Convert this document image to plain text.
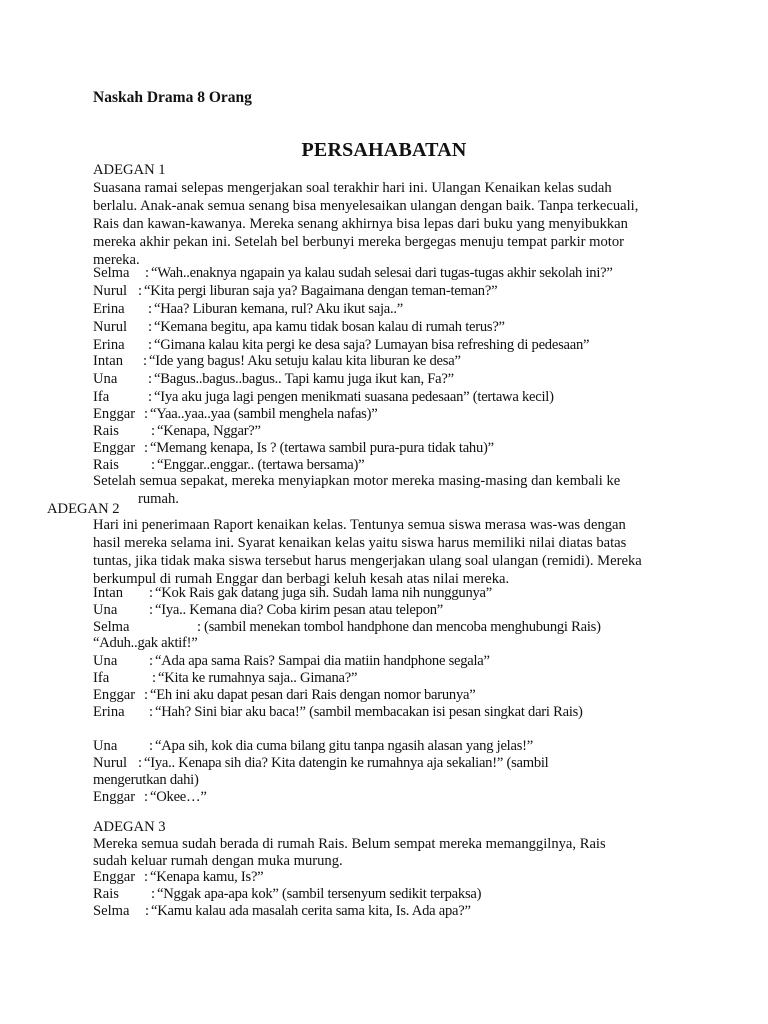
Naskah Drama 8 Orang
PERSAHABATAN
ADEGAN 1
Suasana ramai selepas mengerjakan soal terakhir hari ini. Ulangan Kenaikan kelas sudah
berlalu. Anak-anak semua senang bisa menyelesaikan ulangan dengan baik. Tanpa terkecuali,
Rais dan kawan-kawanya. Mereka senang akhirnya bisa lepas dari buku yang menyibukkan
mereka akhir pekan ini. Setelah bel berbunyi mereka bergegas menuju tempat parkir motor
mereka.
Selma : “Wah..enaknya ngapain ya kalau sudah selesai dari tugas-tugas akhir sekolah ini?”
Nurul : “Kita pergi liburan saja ya? Bagaimana dengan teman-teman?”
Erina : “Haa? Liburan kemana, rul? Aku ikut saja..”
Nurul : “Kemana begitu, apa kamu tidak bosan kalau di rumah terus?”
Erina : “Gimana kalau kita pergi ke desa saja? Lumayan bisa refreshing di pedesaan”
Intan : “Ide yang bagus! Aku setuju kalau kita liburan ke desa”
Una : “Bagus..bagus..bagus.. Tapi kamu juga ikut kan, Fa?”
Ifa	: “Iya aku juga lagi pengen menikmati suasana pedesaan” (tertawa kecil)
Enggar : “Yaa..yaa..yaa (sambil menghela nafas)”
Rais : “Kenapa, Nggar?”
Enggar : “Memang kenapa, Is ? (tertawa sambil pura-pura tidak tahu)”
Rais : “Enggar..enggar.. (tertawa bersama)”
Setelah semua sepakat, mereka menyiapkan motor mereka masing-masing dan kembali ke
rumah.
ADEGAN 2
Hari ini penerimaan Raport kenaikan kelas. Tentunya semua siswa merasa was-was dengan
hasil mereka selama ini. Syarat kenaikan kelas yaitu siswa harus memiliki nilai diatas batas
tuntas, jika tidak maka siswa tersebut harus mengerjakan ulang soal ulangan (remidi). Mereka
berkumpul di rumah Enggar dan berbagi keluh kesah atas nilai mereka.
Intan : “Kok Rais gak datang juga sih. Sudah lama nih nunggunya”
Una : “Iya.. Kemana dia? Coba kirim pesan atau telepon”
Selma	: (sambil menekan tombol handphone dan mencoba menghubungi Rais)
“Aduh..gak aktif!”
Una : “Ada apa sama Rais? Sampai dia matiin handphone segala”
Ifa	: “Kita ke rumahnya saja.. Gimana?”
Enggar : “Eh ini aku dapat pesan dari Rais dengan nomor barunya”
Erina : “Hah? Sini biar aku baca!” (sambil membacakan isi pesan singkat dari Rais)
Una : “Apa sih, kok dia cuma bilang gitu tanpa ngasih alasan yang jelas!”
Nurul : “Iya.. Kenapa sih dia? Kita datengin ke rumahnya aja sekalian!” (sambil
mengerutkan dahi)
Enggar : “Okee…”
ADEGAN 3
Mereka semua sudah berada di rumah Rais. Belum sempat mereka memanggilnya, Rais
sudah keluar rumah dengan muka murung.
Enggar : “Kenapa kamu, Is?”
Rais : “Nggak apa-apa kok” (sambil tersenyum sedikit terpaksa)
Selma : “Kamu kalau ada masalah cerita sama kita, Is. Ada apa?”
